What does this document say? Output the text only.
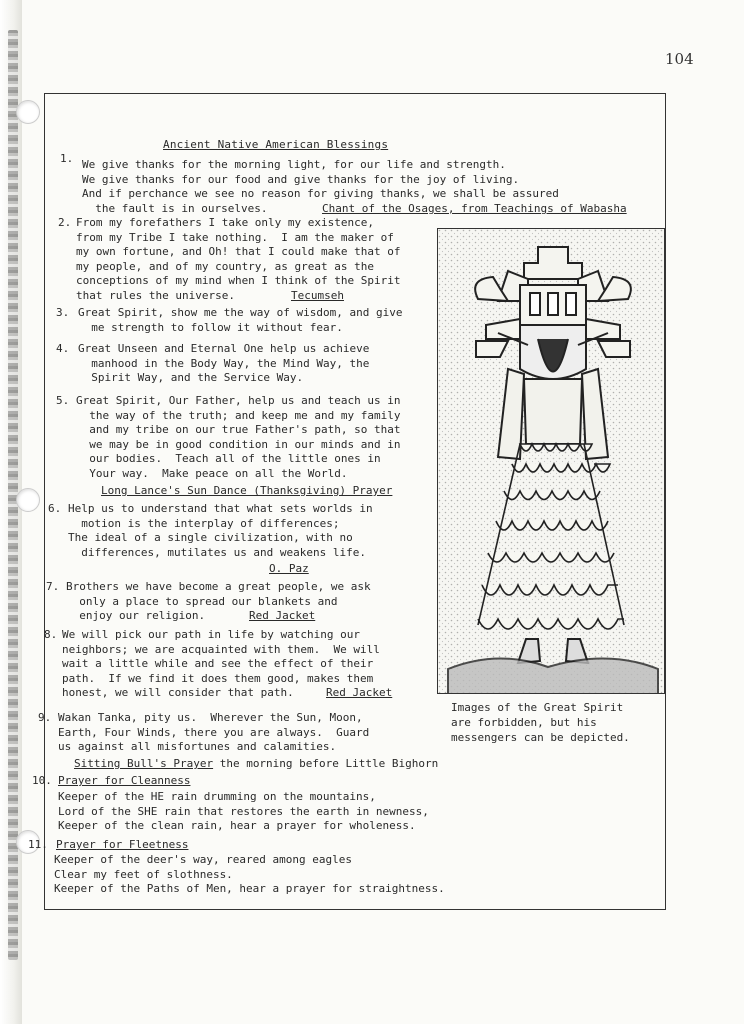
104
Ancient Native American Blessings
1. We give thanks for the morning light, for our life and strength.
We give thanks for our food and give thanks for the joy of living.
And if perchance we see no reason for giving thanks, we shall be assured
the fault is in ourselves.	Chant of the Osages, from Teachings of Wabasha
2. From my forefathers I take only my existence,
from my Tribe I take nothing.  I am the maker of
my own fortune, and Oh! that I could make that of
my people, and of my country, as great as the
conceptions of my mind when I think of the Spirit
that rules the universe.	Tecumseh
3. Great Spirit, show me the way of wisdom, and give
me strength to follow it without fear.
4. Great Unseen and Eternal One help us achieve
manhood in the Body Way, the Mind Way, the
Spirit Way, and the Service Way.
5. Great Spirit, Our Father, help us and teach us in
the way of the truth; and keep me and my family
and my tribe on our true Father's path, so that
we may be in good condition in our minds and in
our bodies.  Teach all of the little ones in
Your way.  Make peace on all the World.
Long Lance's Sun Dance (Thanksgiving) Prayer
6. Help us to understand that what sets worlds in
motion is the interplay of differences;
The ideal of a single civilization, with no
differences, mutilates us and weakens life.
O. Paz
7. Brothers we have become a great people, we ask
only a place to spread our blankets and
enjoy our religion.	Red Jacket
8. We will pick our path in life by watching our
neighbors; we are acquainted with them.  We will
wait a little while and see the effect of their
path.  If we find it does them good, makes them
honest, we will consider that path.	Red Jacket
9. Wakan Tanka, pity us.  Wherever the Sun, Moon,
Earth, Four Winds, there you are always.  Guard
us against all misfortunes and calamities.
Sitting Bull's Prayer the morning before Little Bighorn
10. Prayer for Cleanness
Keeper of the HE rain drumming on the mountains,
Lord of the SHE rain that restores the earth in newness,
Keeper of the clean rain, hear a prayer for wholeness.
11. Prayer for Fleetness
Keeper of the deer's way, reared among eagles
Clear my feet of slothness.
Keeper of the Paths of Men, hear a prayer for straightness.
Images of the Great Spirit
are forbidden, but his
messengers can be depicted.
